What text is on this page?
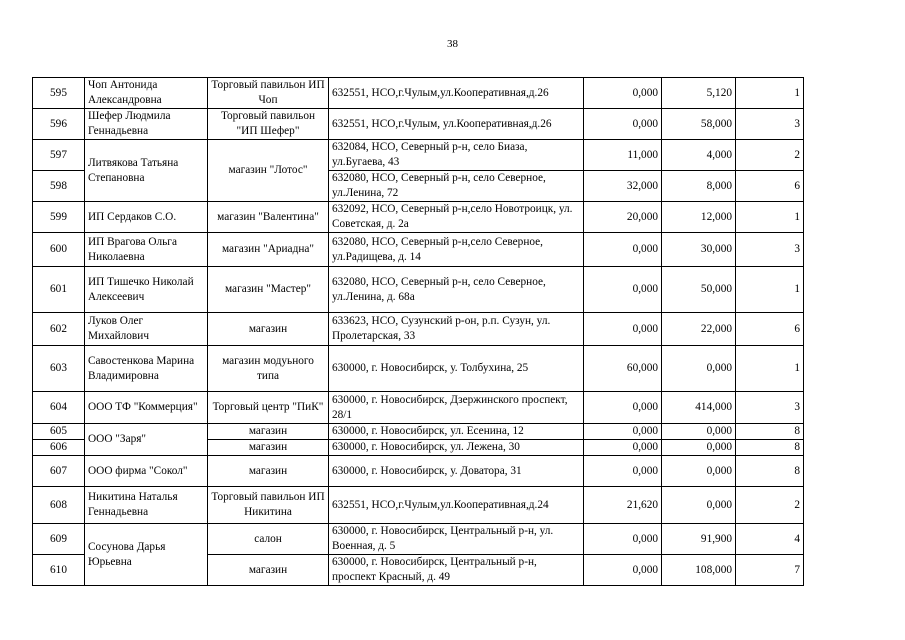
38
595	Чоп Антонида Александровна	Торговый павильон ИП Чоп	632551, НСО,г.Чулым,ул.Кооперативная,д.26	0,000	5,120	1
596	Шефер Людмила Геннадьевна	Торговый павильон "ИП Шефер"	632551, НСО,г.Чулым, ул.Кооперативная,д.26	0,000	58,000	3
597	Литвякова Татьяна Степановна	магазин "Лотос"	632084, НСО, Северный р-н, село Биаза, ул.Бугаева, 43	11,000	4,000	2
598			632080, НСО, Северный р-н, село Северное, ул.Ленина, 72	32,000	8,000	6
599	ИП Сердаков С.О.	магазин "Валентина"	632092, НСО, Северный р-н,село Новотроицк, ул. Советская, д. 2а	20,000	12,000	1
600	ИП Врагова Ольга Николаевна	магазин "Ариадна"	632080, НСО, Северный р-н,село Северное, ул.Радищева, д. 14	0,000	30,000	3
601	ИП Тишечко Николай Алексеевич	магазин "Мастер"	632080, НСО, Северный р-н, село Северное, ул.Ленина, д. 68а	0,000	50,000	1
602	Луков Олег Михайлович	магазин	633623, НСО, Сузунский р-он, р.п. Сузун, ул. Пролетарская, 33	0,000	22,000	6
603	Савостенкова Марина Владимировна	магазин модуьного типа	630000, г. Новосибирск, у. Толбухина, 25	60,000	0,000	1
604	ООО ТФ "Коммерция"	Торговый центр "ПиК"	630000, г. Новосибирск, Дзержинского проспект, 28/1	0,000	414,000	3
605	ООО "Заря"	магазин	630000, г. Новосибирск, ул. Есенина, 12	0,000	0,000	8
606		магазин	630000, г. Новосибирск, ул. Лежена, 30	0,000	0,000	8
607	ООО фирма "Сокол"	магазин	630000, г. Новосибирск, у. Доватора, 31	0,000	0,000	8
608	Никитина Наталья Геннадьевна	Торговый павильон ИП Никитина	632551, НСО,г.Чулым,ул.Кооперативная,д.24	21,620	0,000	2
609	Сосунова Дарья Юрьевна	салон	630000, г. Новосибирск, Центральный р-н, ул. Военная, д. 5	0,000	91,900	4
610		магазин	630000, г. Новосибирск, Центральный р-н, проспект Красный, д. 49	0,000	108,000	7
